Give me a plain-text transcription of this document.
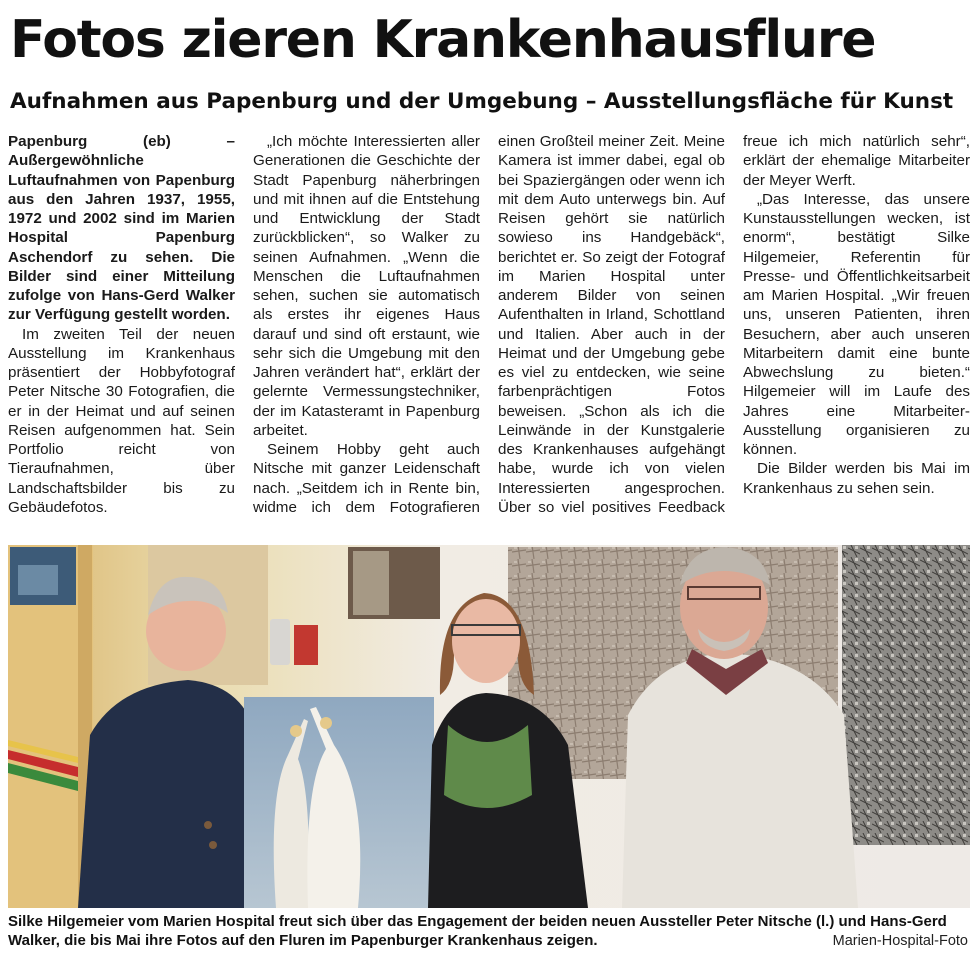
Fotos zieren Krankenhausflure
Aufnahmen aus Papenburg und der Umgebung – Ausstellungsfläche für Kunst

Papenburg (eb) – Außergewöhnliche Luftaufnahmen von Papenburg aus den Jahren 1937, 1955, 1972 und 2002 sind im Marien Hospital Papenburg Aschendorf zu sehen. Die Bilder sind einer Mitteilung zufolge von Hans-Gerd Walker zur Verfügung gestellt worden.

Im zweiten Teil der neuen Ausstellung im Krankenhaus präsentiert der Hobbyfotograf Peter Nitsche 30 Fotografien, die er in der Heimat und auf seinen Reisen aufgenommen hat. Sein Portfolio reicht von Tieraufnahmen, über Landschaftsbilder bis zu Gebäudefotos.

„Ich möchte Interessierten aller Generationen die Geschichte der Stadt Papenburg näherbringen und mit ihnen auf die Entstehung und Entwicklung der Stadt zurückblicken“, so Walker zu seinen Aufnahmen. „Wenn die Menschen die Luftaufnahmen sehen, suchen sie automatisch als erstes ihr eigenes Haus darauf und sind oft erstaunt, wie sehr sich die Umgebung mit den Jahren verändert hat“, erklärt der gelernte Vermessungstechniker, der im Katasteramt in Papenburg arbeitet.

Seinem Hobby geht auch Nitsche mit ganzer Leidenschaft nach. „Seitdem ich in Rente bin, widme ich dem Fotografieren einen Großteil meiner Zeit. Meine Kamera ist immer dabei, egal ob bei Spaziergängen oder wenn ich mit dem Auto unterwegs bin. Auf Reisen gehört sie natürlich sowieso ins Handgebäck“, berichtet er. So zeigt der Fotograf im Marien Hospital unter anderem Bilder von seinen Aufenthalten in Irland, Schottland und Italien. Aber auch in der Heimat und der Umgebung gebe es viel zu entdecken, wie seine farbenprächtigen Fotos beweisen. „Schon als ich die Leinwände in der Kunstgalerie des Krankenhauses aufgehängt habe, wurde ich von vielen Interessierten angesprochen. Über so viel positives Feedback freue ich mich natürlich sehr“, erklärt der ehemalige Mitarbeiter der Meyer Werft.

„Das Interesse, das unsere Kunstausstellungen wecken, ist enorm“, bestätigt Silke Hilgemeier, Referentin für Presse- und Öffentlichkeitsarbeit am Marien Hospital. „Wir freuen uns, unseren Patienten, ihren Besuchern, aber auch unseren Mitarbeitern damit eine bunte Abwechslung zu bieten.“ Hilgemeier will im Laufe des Jahres eine Mitarbeiter-Ausstellung organisieren zu können.

Die Bilder werden bis Mai im Krankenhaus zu sehen sein.

Silke Hilgemeier vom Marien Hospital freut sich über das Engagement der beiden neuen Aussteller Peter Nitsche (l.) und Hans-Gerd Walker, die bis Mai ihre Fotos auf den Fluren im Papenburger Krankenhaus zeigen.	Marien-Hospital-Foto
